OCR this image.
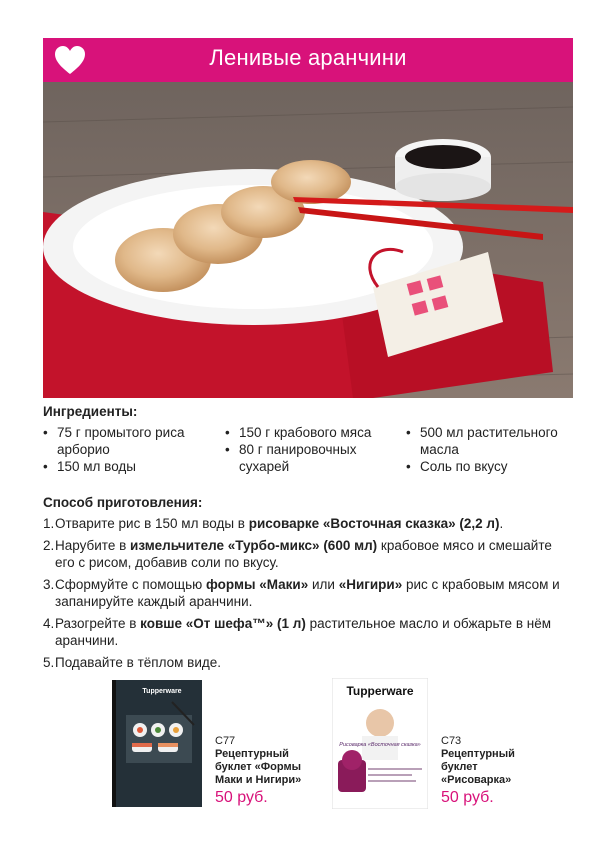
Ленивые аранчини
Ингредиенты:
• 75 г промытого риса арборио
• 150 мл воды
• 150 г крабового мяса
• 80 г панировочных сухарей
• 500 мл растительного масла
• Соль по вкусу
Способ приготовления:
1. Отварите рис в 150 мл воды в рисоварке «Восточная сказка» (2,2 л).
2. Нарубите в измельчителе «Турбо-микс» (600 мл) крабовое мясо и смешайте его с рисом, добавив соли по вкусу.
3. Сформуйте с помощью формы «Маки» или «Нигири» рис с крабовым мясом и запанируйте каждый аранчини.
4. Разогрейте в ковше «От шефа™» (1 л) растительное масло и обжарьте в нём аранчини.
5. Подавайте в тёплом виде.
Tupperware
С77
Рецептурный буклет «Формы Маки и Нигири»
50 руб.
Tupperware
Рисоварка «Восточная сказка» С73
Рецептурный буклет «Рисоварка»
50 руб.
